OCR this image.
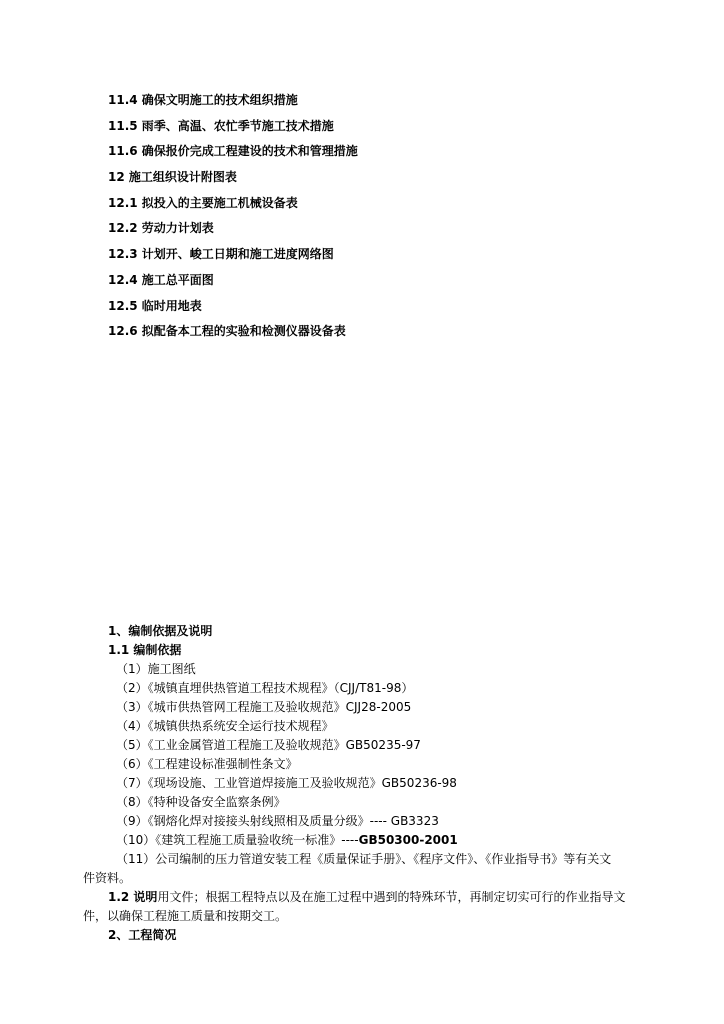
11.4 确保文明施工的技术组织措施
11.5 雨季、高温、农忙季节施工技术措施
11.6 确保报价完成工程建设的技术和管理措施
12 施工组织设计附图表
12.1 拟投入的主要施工机械设备表
12.2 劳动力计划表
12.3 计划开、峻工日期和施工进度网络图
12.4 施工总平面图
12.5 临时用地表
12.6 拟配备本工程的实验和检测仪器设备表
1、编制依据及说明
1.1 编制依据
（1）施工图纸
（2）《城镇直埋供热管道工程技术规程》（CJJ/T81-98）
（3）《城市供热管网工程施工及验收规范》CJJ28-2005
（4）《城镇供热系统安全运行技术规程》
（5）《工业金属管道工程施工及验收规范》GB50235-97
（6）《工程建设标准强制性条文》
（7）《现场设施、工业管道焊接施工及验收规范》GB50236-98
（8）《特种设备安全监察条例》
（9）《钢熔化焊对接接头射线照相及质量分级》---- GB3323
（10）《建筑工程施工质量验收统一标准》----GB50300-2001
（11）公司编制的压力管道安装工程《质量保证手册》、《程序文件》、《作业指导书》等有关文
件资料。
1.2 说明用文件；根据工程特点以及在施工过程中遇到的特殊环节，再制定切实可行的作业指导文
件，以确保工程施工质量和按期交工。
2、工程简况
